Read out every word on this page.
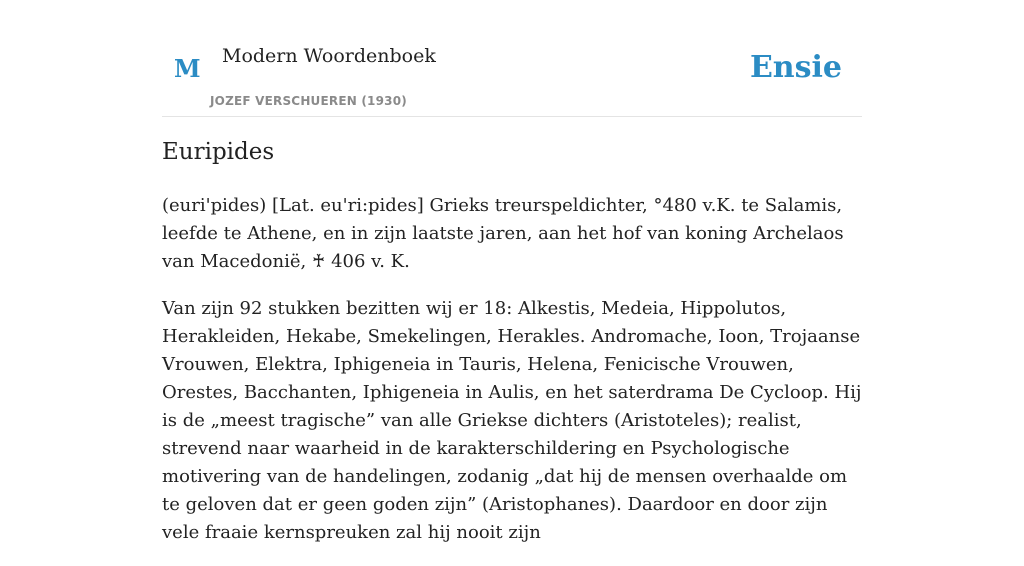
M Modern Woordenboek
JOZEF VERSCHUEREN (1930)
Ensie
Euripides

(euri'pides) [Lat. eu'ri:pides] Grieks treurspeldichter, °480 v.K. te Salamis, leefde te Athene, en in zijn laatste jaren, aan het hof van koning Archelaos van Macedonië, ♰ 406 v. K.

Van zijn 92 stukken bezitten wij er 18: Alkestis, Medeia, Hippolutos, Herakleiden, Hekabe, Smekelingen, Herakles. Andromache, Ioon, Trojaanse Vrouwen, Elektra, Iphigeneia in Tauris, Helena, Fenicische Vrouwen, Orestes, Bacchanten, Iphigeneia in Aulis, en het saterdrama De Cycloop. Hij is de „meest tragische” van alle Griekse dichters (Aristoteles); realist, strevend naar waarheid in de karakterschildering en Psychologische motivering van de handelingen, zodanig „dat hij de mensen overhaalde om te geloven dat er geen goden zijn” (Aristophanes). Daardoor en door zijn vele fraaie kernspreuken zal hij nooit zijn
